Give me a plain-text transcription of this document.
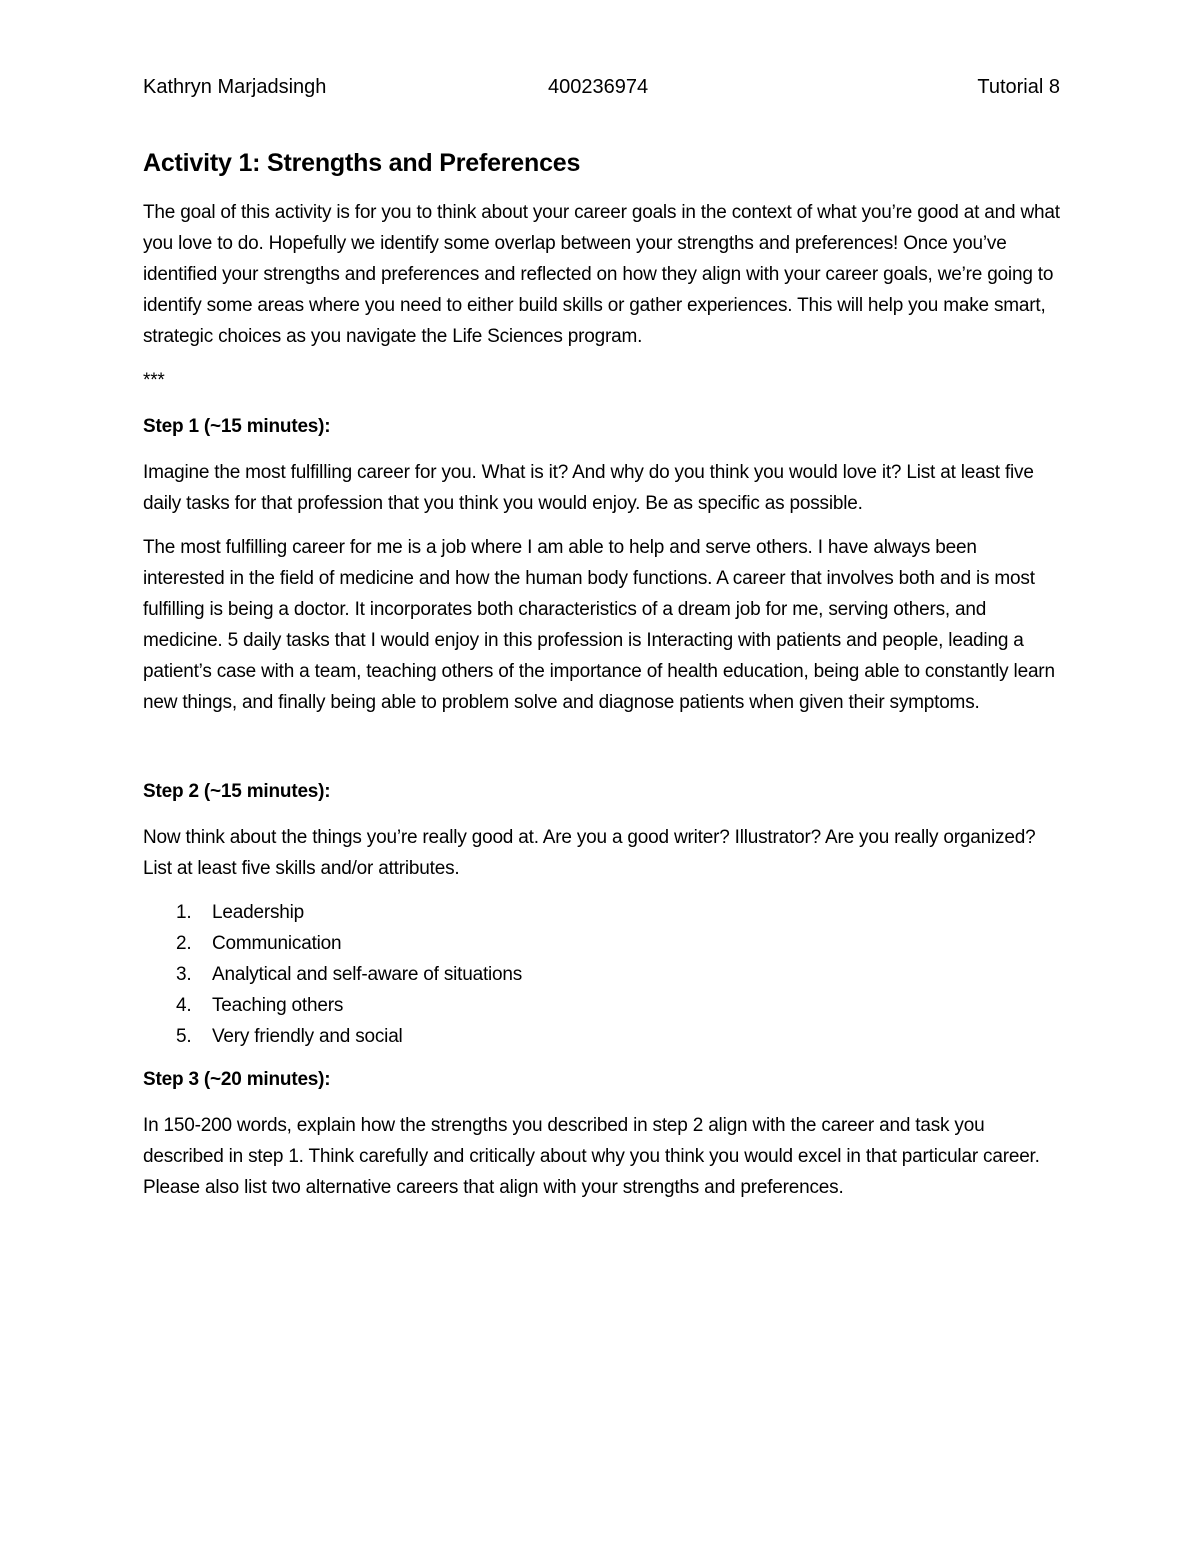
Kathryn Marjadsingh	400236974	Tutorial 8
Activity 1: Strengths and Preferences

The goal of this activity is for you to think about your career goals in the context of what you’re good at and what you love to do. Hopefully we identify some overlap between your strengths and preferences! Once you’ve identified your strengths and preferences and reflected on how they align with your career goals, we’re going to identify some areas where you need to either build skills or gather experiences. This will help you make smart, strategic choices as you navigate the Life Sciences program.

***

Step 1 (~15 minutes):

Imagine the most fulfilling career for you. What is it? And why do you think you would love it? List at least five daily tasks for that profession that you think you would enjoy. Be as specific as possible.

The most fulfilling career for me is a job where I am able to help and serve others. I have always been interested in the field of medicine and how the human body functions. A career that involves both and is most fulfilling is being a doctor. It incorporates both characteristics of a dream job for me, serving others, and medicine. 5 daily tasks that I would enjoy in this profession is Interacting with patients and people, leading a patient’s case with a team, teaching others of the importance of health education, being able to constantly learn new things, and finally being able to problem solve and diagnose patients when given their symptoms.

Step 2 (~15 minutes):

Now think about the things you’re really good at. Are you a good writer? Illustrator? Are you really organized? List at least five skills and/or attributes.

1. Leadership
2. Communication
3. Analytical and self-aware of situations
4. Teaching others
5. Very friendly and social

Step 3 (~20 minutes):

In 150-200 words, explain how the strengths you described in step 2 align with the career and task you described in step 1. Think carefully and critically about why you think you would excel in that particular career. Please also list two alternative careers that align with your strengths and preferences.
